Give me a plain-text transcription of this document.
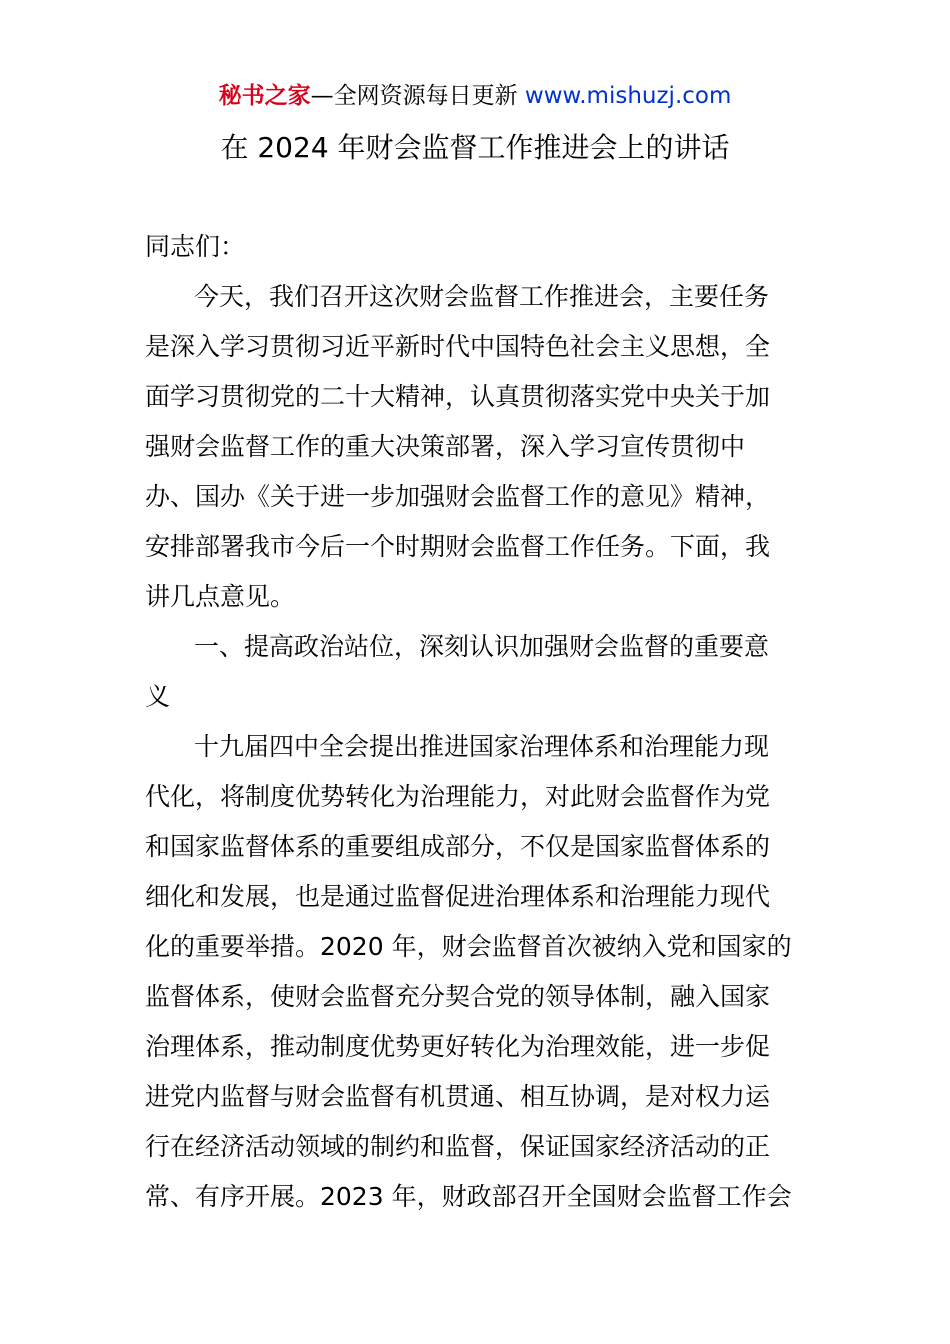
秘书之家—全网资源每日更新 www.mishuzj.com
在 2024 年财会监督工作推进会上的讲话
同志们：
今天，我们召开这次财会监督工作推进会，主要任务
是深入学习贯彻习近平新时代中国特色社会主义思想，全
面学习贯彻党的二十大精神，认真贯彻落实党中央关于加
强财会监督工作的重大决策部署，深入学习宣传贯彻中
办、国办《关于进一步加强财会监督工作的意见》精神，
安排部署我市今后一个时期财会监督工作任务。下面，我
讲几点意见。
一、提高政治站位，深刻认识加强财会监督的重要意
义
十九届四中全会提出推进国家治理体系和治理能力现
代化，将制度优势转化为治理能力，对此财会监督作为党
和国家监督体系的重要组成部分，不仅是国家监督体系的
细化和发展，也是通过监督促进治理体系和治理能力现代
化的重要举措。2020 年，财会监督首次被纳入党和国家的
监督体系，使财会监督充分契合党的领导体制，融入国家
治理体系，推动制度优势更好转化为治理效能，进一步促
进党内监督与财会监督有机贯通、相互协调，是对权力运
行在经济活动领域的制约和监督，保证国家经济活动的正
常、有序开展。2023 年，财政部召开全国财会监督工作会
